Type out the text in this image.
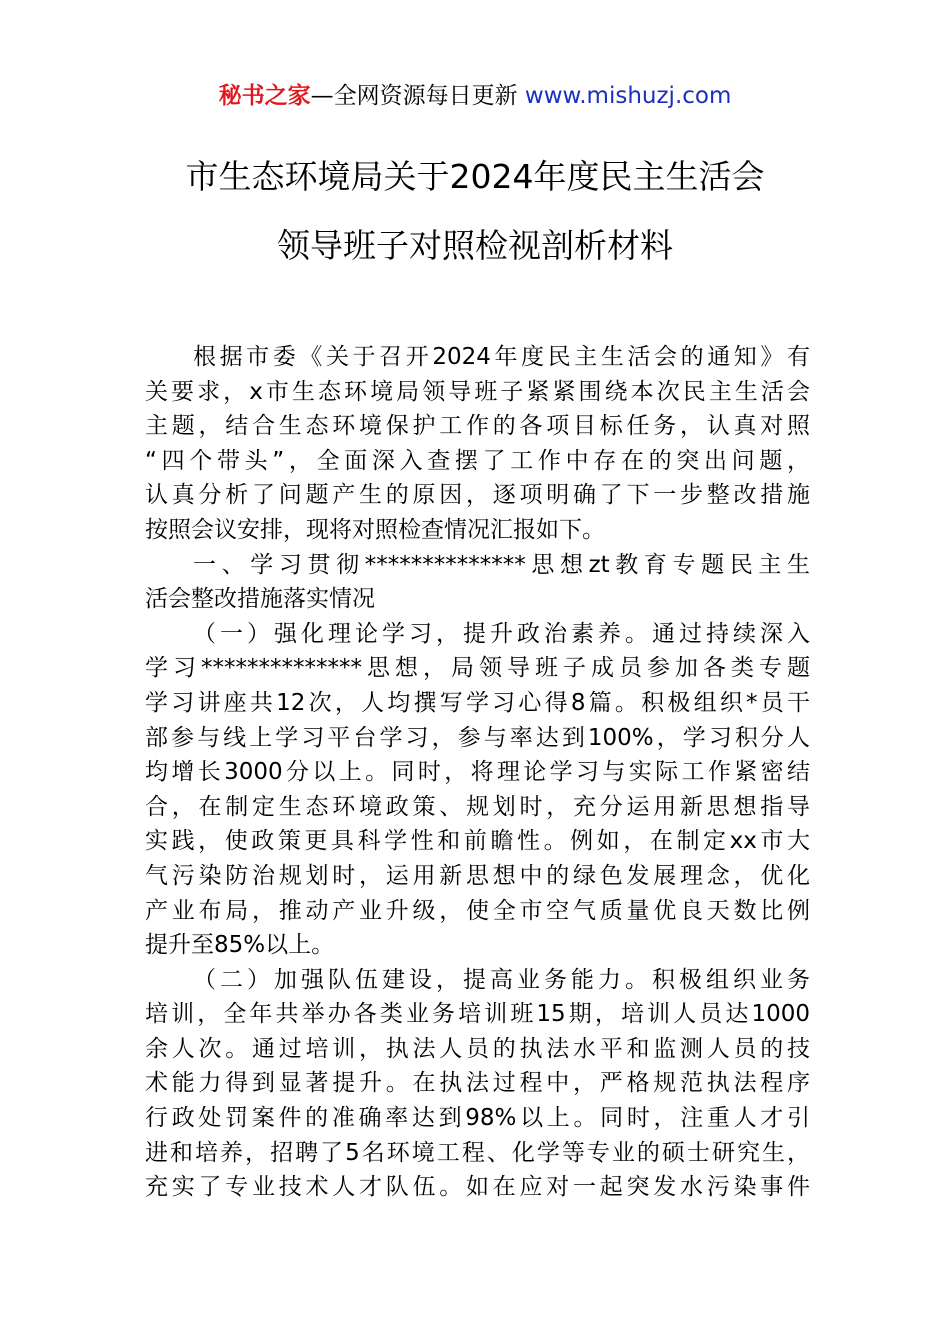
秘书之家—全网资源每日更新 www.mishuzj.com
市生态环境局关于2024年度民主生活会
领导班子对照检视剖析材料
根据市委《关于召开2024年度民主生活会的通知》有
关要求，x市生态环境局领导班子紧紧围绕本次民主生活会
主题，结合生态环境保护工作的各项目标任务，认真对照
“四个带头”，全面深入查摆了工作中存在的突出问题，
认真分析了问题产生的原因，逐项明确了下一步整改措施
按照会议安排，现将对照检查情况汇报如下。
一、学习贯彻**************思想zt教育专题民主生
活会整改措施落实情况
（一）强化理论学习，提升政治素养。通过持续深入
学习**************思想，局领导班子成员参加各类专题
学习讲座共12次，人均撰写学习心得8篇。积极组织*员干
部参与线上学习平台学习，参与率达到100%，学习积分人
均增长3000分以上。同时，将理论学习与实际工作紧密结
合，在制定生态环境政策、规划时，充分运用新思想指导
实践，使政策更具科学性和前瞻性。例如，在制定xx市大
气污染防治规划时，运用新思想中的绿色发展理念，优化
产业布局，推动产业升级，使全市空气质量优良天数比例
提升至85%以上。
（二）加强队伍建设，提高业务能力。积极组织业务
培训，全年共举办各类业务培训班15期，培训人员达1000
余人次。通过培训，执法人员的执法水平和监测人员的技
术能力得到显著提升。在执法过程中，严格规范执法程序
行政处罚案件的准确率达到98%以上。同时，注重人才引
进和培养，招聘了5名环境工程、化学等专业的硕士研究生，
充实了专业技术人才队伍。如在应对一起突发水污染事件
